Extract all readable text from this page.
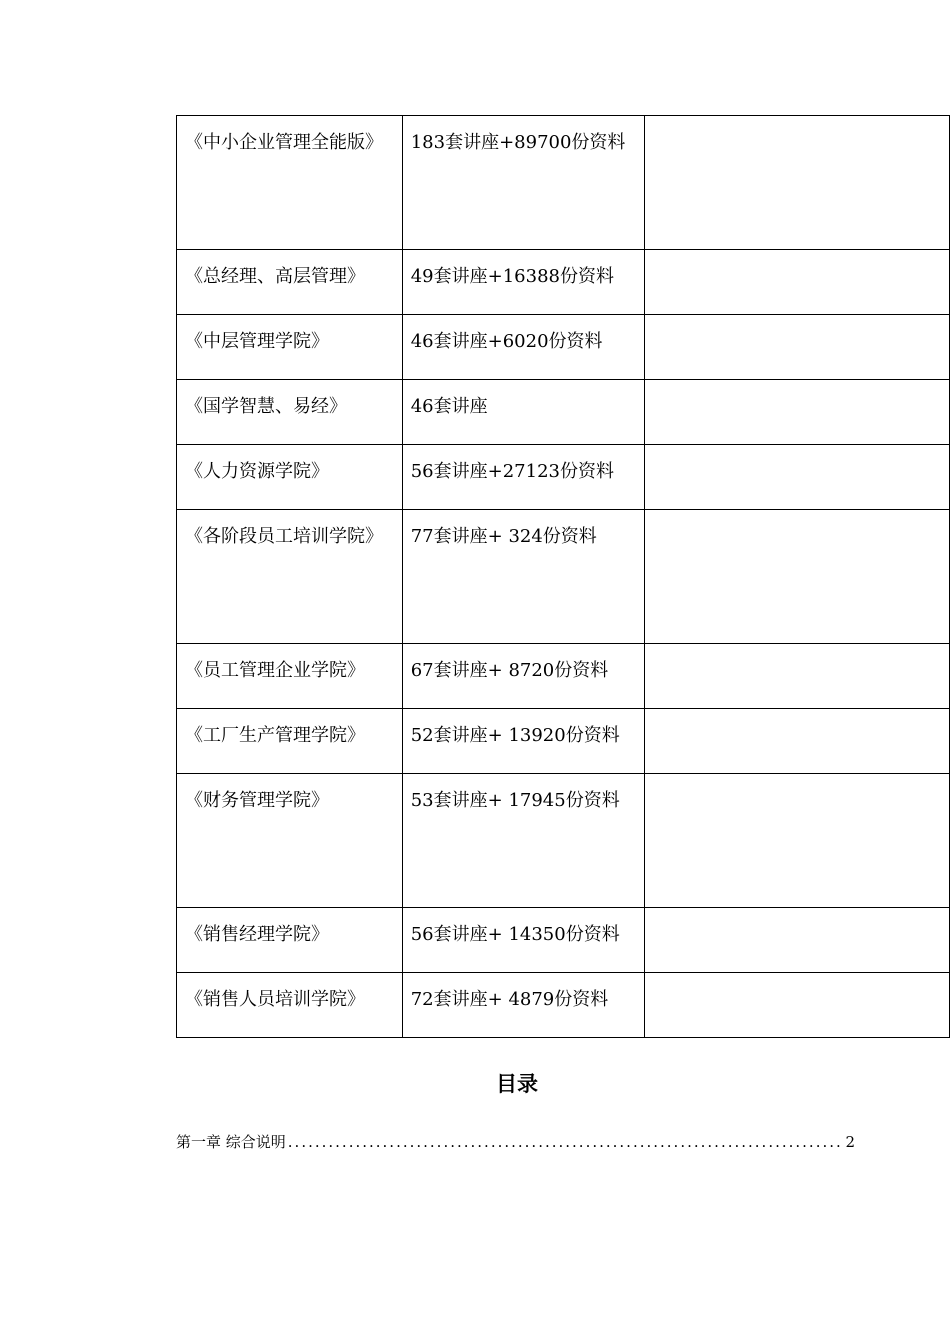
《中小企业管理全能版》	183套讲座+89700份资料	

《总经理、高层管理》	49套讲座+16388份资料	

《中层管理学院》	46套讲座+6020份资料	

《国学智慧、易经》	46套讲座	

《人力资源学院》	56套讲座+27123份资料	

《各阶段员工培训学院》	77套讲座+ 324份资料	

《员工管理企业学院》	67套讲座+ 8720份资料	

《工厂生产管理学院》	52套讲座+ 13920份资料	

《财务管理学院》	53套讲座+ 17945份资料	

《销售经理学院》	56套讲座+ 14350份资料	

《销售人员培训学院》	72套讲座+ 4879份资料	

目录
第一章 综合说明 .....	2
